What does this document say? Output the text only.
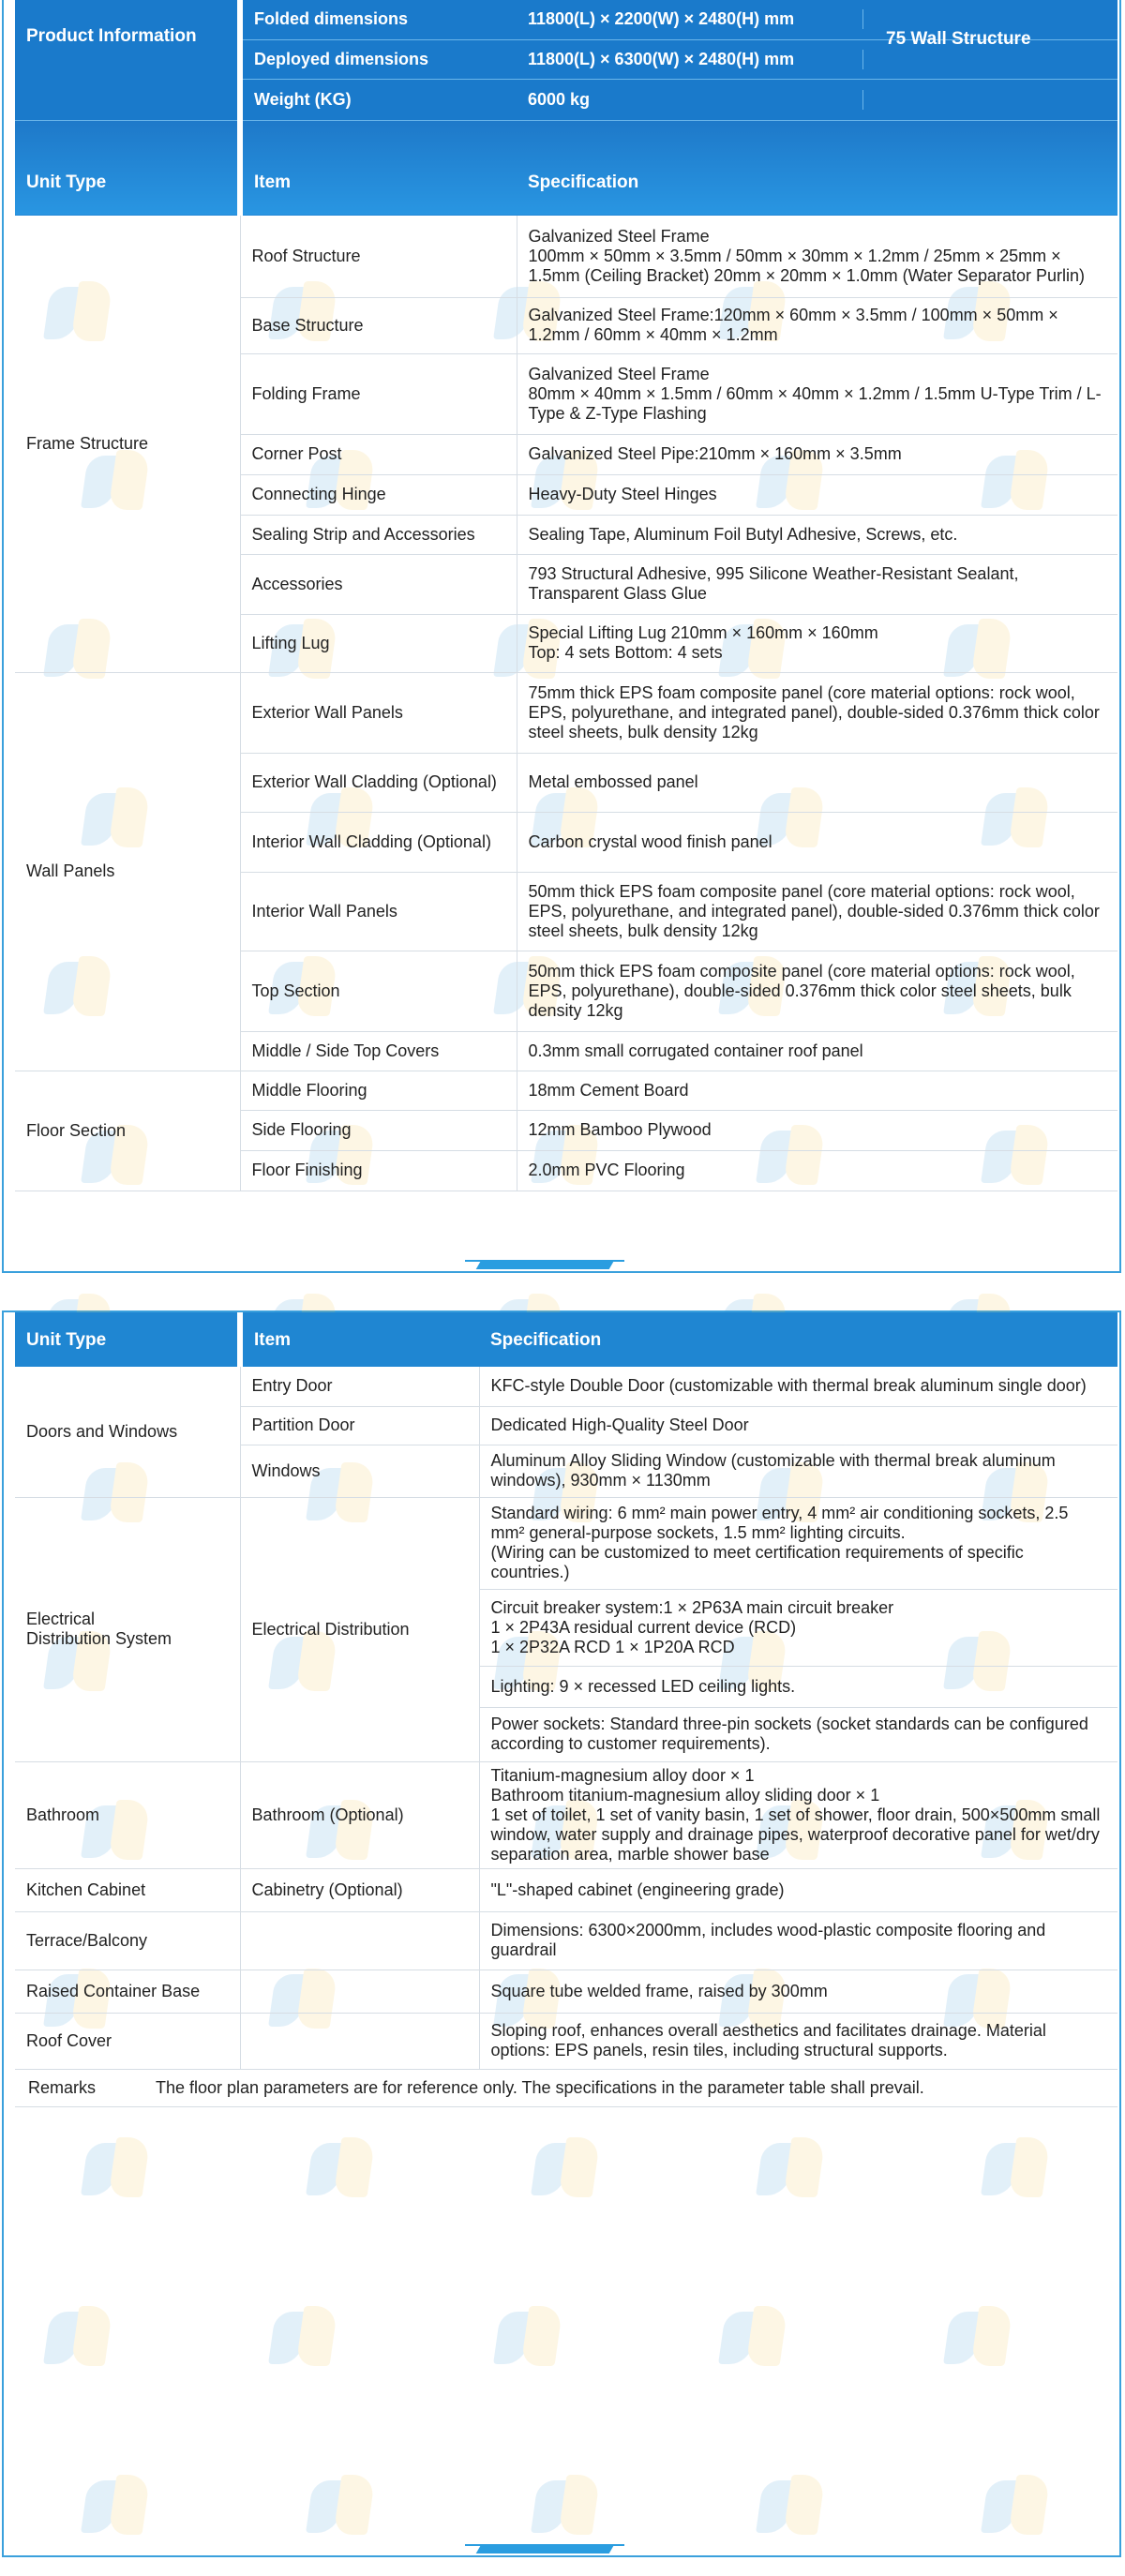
Product Information	Folded dimensions	11800(L) × 2200(W) × 2480(H) mm

	Deployed dimensions	11800(L) × 6300(W) × 2480(H) mm
75 Wall Structure

	Weight (KG)	6000 kg

Unit Type	Item	Specification
Frame Structure	Roof Structure	Galvanized Steel Frame
100mm × 50mm × 3.5mm / 50mm × 30mm × 1.2mm / 25mm × 25mm × 1.5mm (Ceiling Bracket) 20mm × 20mm × 1.0mm (Water Separator Purlin)
	Base Structure	Galvanized Steel Frame:120mm × 60mm × 3.5mm / 100mm × 50mm × 1.2mm / 60mm × 40mm × 1.2mm
	Folding Frame	Galvanized Steel Frame
80mm × 40mm × 1.5mm / 60mm × 40mm × 1.2mm / 1.5mm U-Type Trim / L-Type & Z-Type Flashing
	Corner Post	Galvanized Steel Pipe:210mm × 160mm × 3.5mm
	Connecting Hinge	Heavy-Duty Steel Hinges
	Sealing Strip and Accessories	Sealing Tape, Aluminum Foil Butyl Adhesive, Screws, etc.
	Accessories	793 Structural Adhesive, 995 Silicone Weather-Resistant Sealant, Transparent Glass Glue
	Lifting Lug	Special Lifting Lug 210mm × 160mm × 160mm
Top: 4 sets Bottom: 4 sets
Wall Panels	Exterior Wall Panels	75mm thick EPS foam composite panel (core material options: rock wool, EPS, polyurethane, and integrated panel), double-sided 0.376mm thick color steel sheets, bulk density 12kg
	Exterior Wall Cladding (Optional)	Metal embossed panel
	Interior Wall Cladding (Optional)	Carbon crystal wood finish panel
	Interior Wall Panels	50mm thick EPS foam composite panel (core material options: rock wool, EPS, polyurethane, and integrated panel), double-sided 0.376mm thick color steel sheets, bulk density 12kg
	Top Section	50mm thick EPS foam composite panel (core material options: rock wool, EPS, polyurethane), double-sided 0.376mm thick color steel sheets, bulk density 12kg
	Middle / Side Top Covers	0.3mm small corrugated container roof panel
Floor Section	Middle Flooring	18mm Cement Board
	Side Flooring	12mm Bamboo Plywood
	Floor Finishing	2.0mm PVC Flooring
Unit Type	Item	Specification
Doors and Windows	Entry Door	KFC-style Double Door (customizable with thermal break aluminum single door)
	Partition Door	Dedicated High-Quality Steel Door
	Windows	Aluminum Alloy Sliding Window (customizable with thermal break aluminum windows), 930mm × 1130mm
Electrical
Distribution System	Electrical Distribution	Standard wiring: 6 mm² main power entry, 4 mm² air conditioning sockets, 2.5 mm² general-purpose sockets, 1.5 mm² lighting circuits.
(Wiring can be customized to meet certification requirements of specific countries.)
		Circuit breaker system:1 × 2P63A main circuit breaker
1 × 2P43A residual current device (RCD)
1 × 2P32A RCD 1 × 1P20A RCD
		Lighting: 9 × recessed LED ceiling lights.
		Power sockets: Standard three-pin sockets (socket standards can be configured according to customer requirements).
Bathroom	Bathroom (Optional)	Titanium-magnesium alloy door × 1
Bathroom titanium-magnesium alloy sliding door × 1
1 set of toilet, 1 set of vanity basin, 1 set of shower, floor drain, 500×500mm small window, water supply and drainage pipes, waterproof decorative panel for wet/dry separation area, marble shower base
Kitchen Cabinet	Cabinetry (Optional)	"L"-shaped cabinet (engineering grade)
Terrace/Balcony		Dimensions: 6300×2000mm, includes wood-plastic composite flooring and guardrail
Raised Container Base		Square tube welded frame, raised by 300mm
Roof Cover		Sloping roof, enhances overall aesthetics and facilitates drainage. Material options: EPS panels, resin tiles, including structural supports.
Remarks The floor plan parameters are for reference only. The specifications in the parameter table shall prevail.		
